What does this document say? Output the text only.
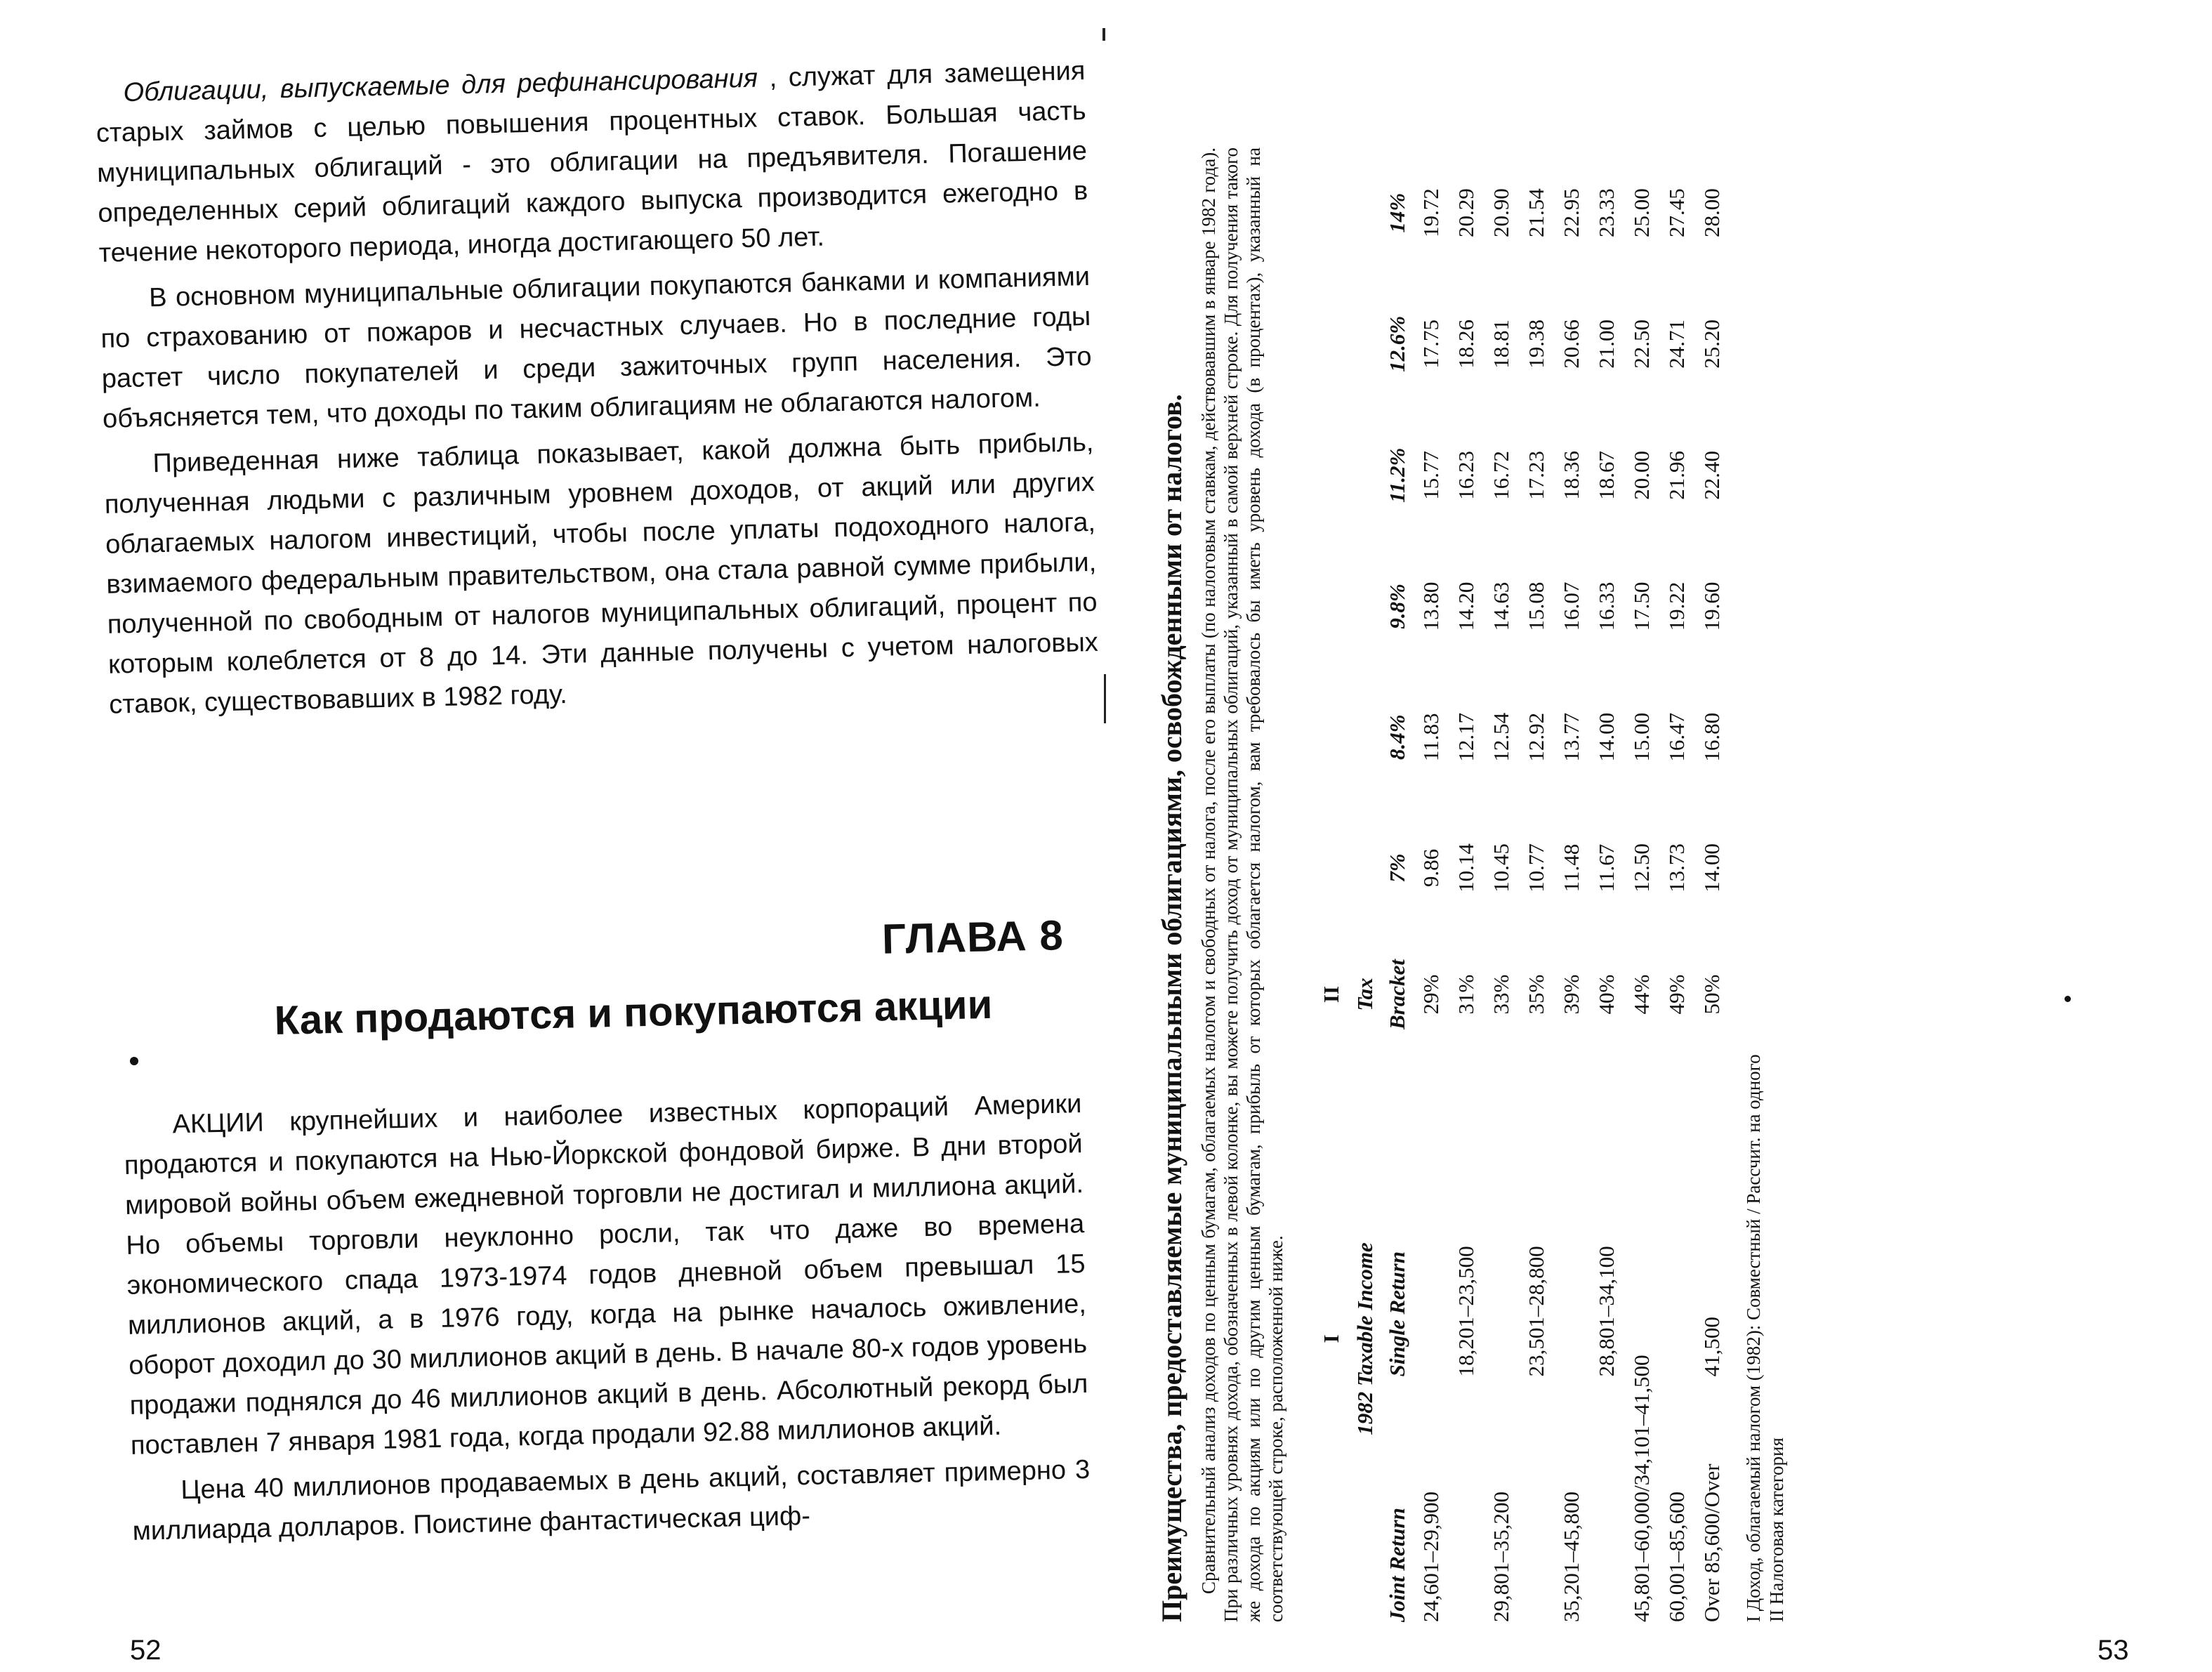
Облигации, выпускаемые для рефинансирования , служат для замещения старых займов с целью повышения процентных ставок. Большая часть муниципальных облигаций - это облигации на предъявителя. Погашение определенных серий облигаций каждого выпуска производится ежегодно в течение некоторого периода, иногда достигающего 50 лет.

В основном муниципальные облигации покупаются банками и компаниями по страхованию от пожаров и несчастных случаев. Но в последние годы растет число покупателей и среди зажиточных групп населения. Это объясняется тем, что доходы по таким облигациям не облагаются налогом.

Приведенная ниже таблица показывает, какой должна быть прибыль, полученная людьми с различным уровнем доходов, от акций или других облагаемых налогом инвестиций, чтобы после уплаты подоходного налога, взимаемого федеральным правительством, она стала равной сумме прибыли, полученной по свободным от налогов муниципальных облигаций, процент по которым колеблется от 8 до 14. Эти данные получены с учетом налоговых ставок, существовавших в 1982 году.

ГЛАВА 8
Как продаются и покупаются акции

АКЦИИ крупнейших и наиболее известных корпораций Америки продаются и покупаются на Нью-Йоркской фондовой бирже. В дни второй мировой войны объем ежедневной торговли не достигал и миллиона акций. Но объемы торговли неуклонно росли, так что даже во времена экономического спада 1973-1974 годов дневной объем превышал 15 миллионов акций, а в 1976 году, когда на рынке началось оживление, оборот доходил до 30 миллионов акций в день. В начале 80-х годов уровень продажи поднялся до 46 миллионов акций в день. Абсолютный рекорд был поставлен 7 января 1981 года, когда продали 92.88 миллионов акций.

Цена 40 миллионов продаваемых в день акций, составляет примерно 3 миллиарда долларов. Поистине фантастическая циф-

52
Преимущества, предоставляемые муниципальными облигациями, освобожденными от налогов. Сравнительный анализ доходов по ценным бумагам, облагаемых налогом и свободных от налога, после его выплаты (по налоговым ставкам, действовавшим в январе 1982 года). При различных уровнях дохода, обозначенных в левой колонке, вы можете получить доход от муниципальных облигаций, указанный в самой верхней строке. Для получения такого же дохода по акциям или по другим ценным бумагам, прибыль от которых облагается налогом, вам требовалось бы иметь уровень дохода (в процентах), указанный на соответствующей строке, расположенной ниже. I		II						
1982 Taxable Income		Tax						
Joint Return	Single Return	Bracket	7%	8.4%	9.8%	11.2%	12.6%	14%
24,601–29,900		29%	9.86	11.83	13.80	15.77	17.75	19.72
	18,201–23,500	31%	10.14	12.17	14.20	16.23	18.26	20.29
29,801–35,200		33%	10.45	12.54	14.63	16.72	18.81	20.90
	23,501–28,800	35%	10.77	12.92	15.08	17.23	19.38	21.54
35,201–45,800		39%	11.48	13.77	16.07	18.36	20.66	22.95
	28,801–34,100	40%	11.67	14.00	16.33	18.67	21.00	23.33
45,801–60,000/34,101–41,500		44%	12.50	15.00	17.50	20.00	22.50	25.00
60,001–85,600		49%	13.73	16.47	19.22	21.96	24.71	27.45
Over 85,600/Over	41,500	50%	14.00	16.80	19.60	22.40	25.20	28.00

I Доход, облагаемый налогом (1982): Совместный / Рассчит. на одного II Налоговая категория

53
